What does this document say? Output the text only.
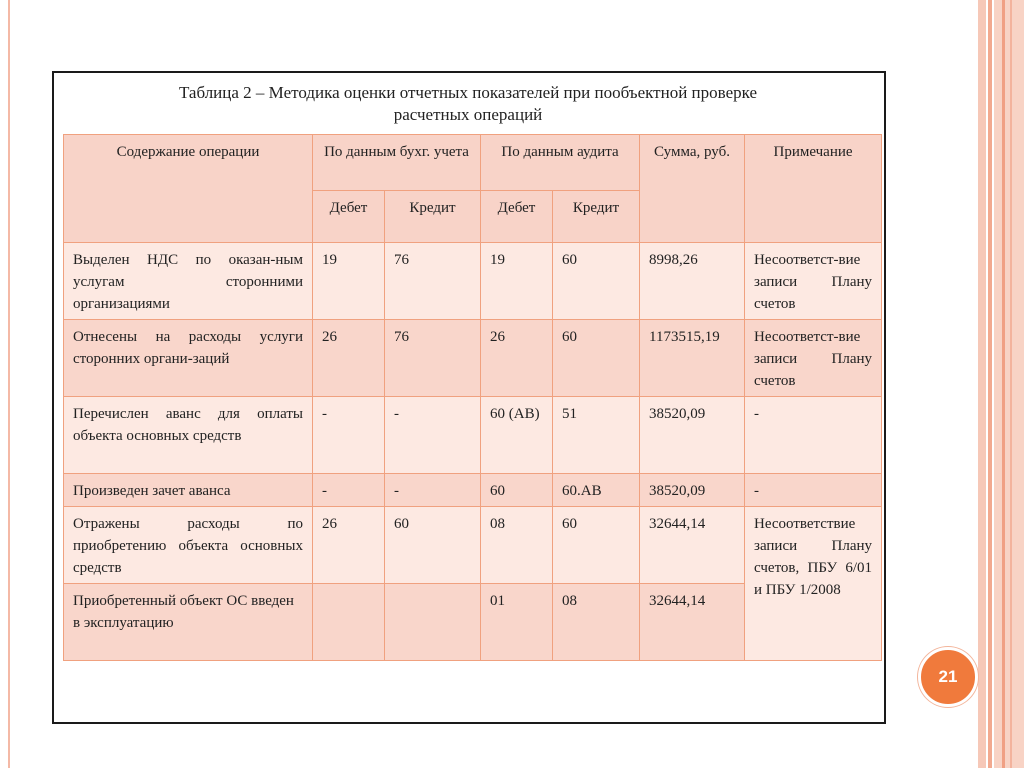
Таблица 2 – Методика оценки отчетных показателей при пообъектной проверке
расчетных операций
Содержание операции	По данным бухг. учета		По данным аудита		Сумма, руб.	Примечание
	Дебет	Кредит	Дебет	Кредит		
Выделен НДС по оказан-ным услугам сторонними организациями	19	76	19	60	8998,26	Несоответст-вие записи Плану счетов
Отнесены на расходы услуги сторонних органи-заций	26	76	26	60	1173515,19	Несоответст-вие записи Плану счетов
Перечислен аванс для оплаты объекта основных средств	-	-	60 (АВ)	51	38520,09	-
Произведен зачет аванса	-	-	60	60.АВ	38520,09	-
Отражены расходы по приобретению объекта основных средств	26	60	08	60	32644,14	Несоответствие записи Плану счетов, ПБУ 6/01 и ПБУ 1/2008
Приобретенный объект ОС введен в эксплуатацию			01	08	32644,14	
21
